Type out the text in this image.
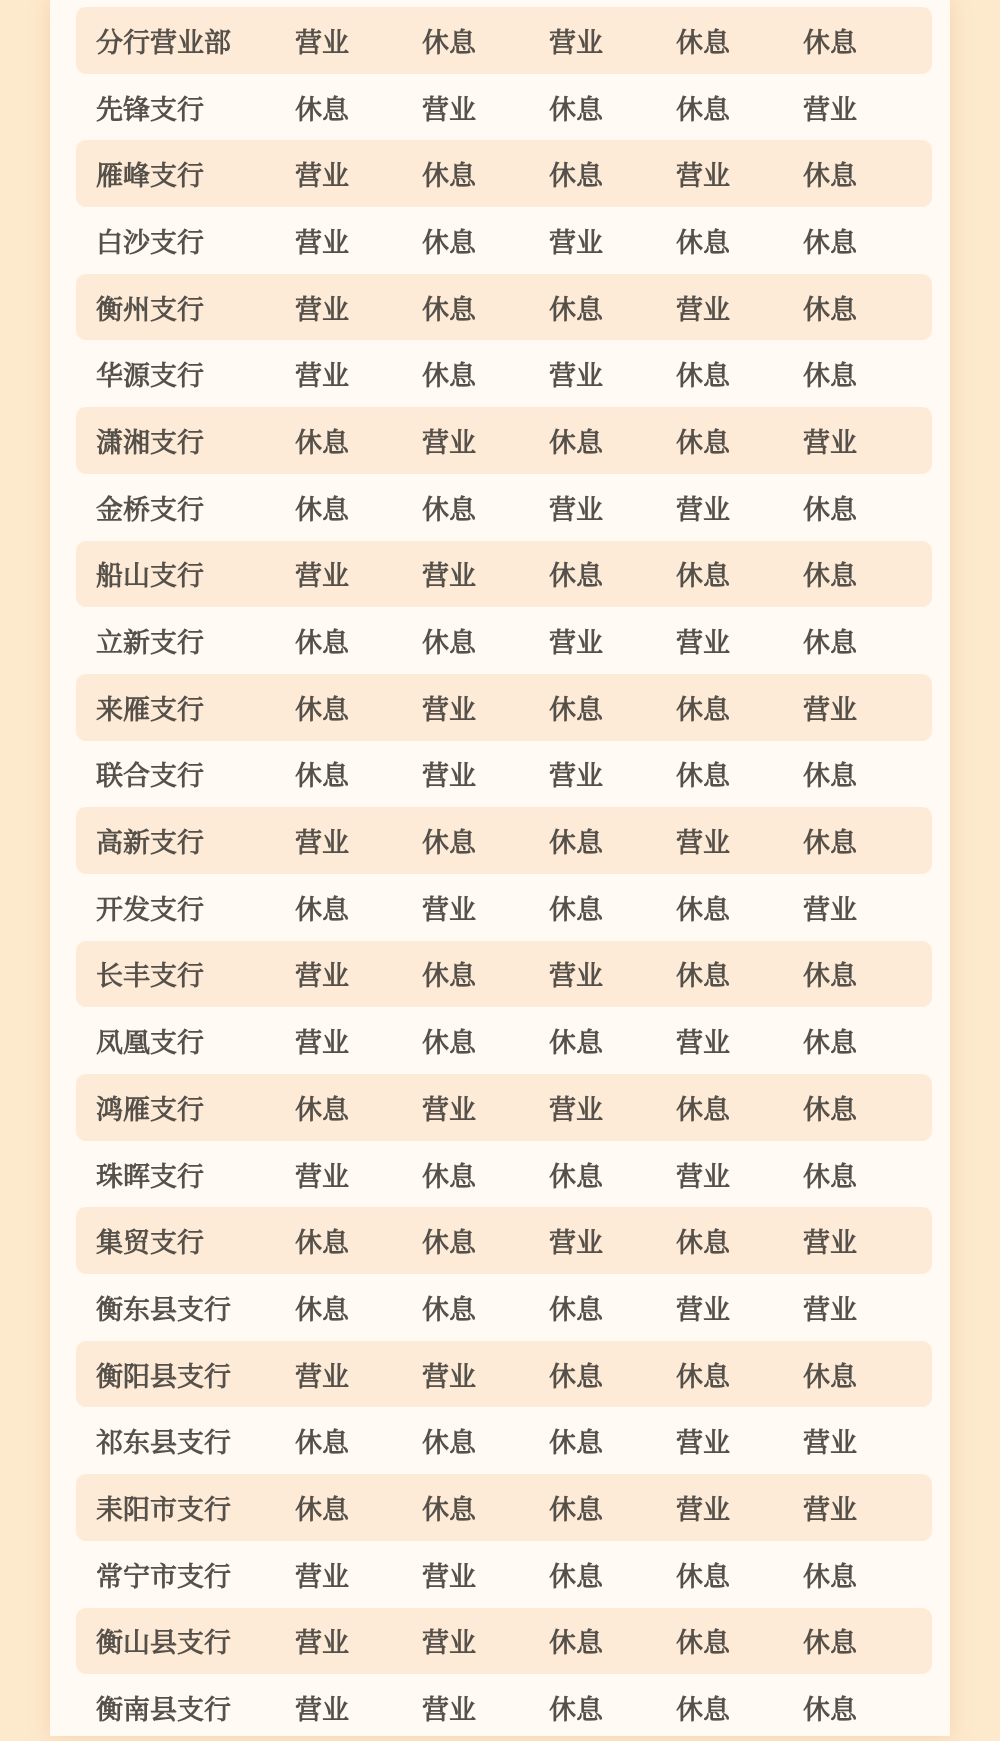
分行营业部	营业	休息	营业	休息	休息
先锋支行	休息	营业	休息	休息	营业
雁峰支行	营业	休息	休息	营业	休息
白沙支行	营业	休息	营业	休息	休息
衡州支行	营业	休息	休息	营业	休息
华源支行	营业	休息	营业	休息	休息
潇湘支行	休息	营业	休息	休息	营业
金桥支行	休息	休息	营业	营业	休息
船山支行	营业	营业	休息	休息	休息
立新支行	休息	休息	营业	营业	休息
来雁支行	休息	营业	休息	休息	营业
联合支行	休息	营业	营业	休息	休息
高新支行	营业	休息	休息	营业	休息
开发支行	休息	营业	休息	休息	营业
长丰支行	营业	休息	营业	休息	休息
凤凰支行	营业	休息	休息	营业	休息
鸿雁支行	休息	营业	营业	休息	休息
珠晖支行	营业	休息	休息	营业	休息
集贸支行	休息	休息	营业	休息	营业
衡东县支行	休息	休息	休息	营业	营业
衡阳县支行	营业	营业	休息	休息	休息
祁东县支行	休息	休息	休息	营业	营业
耒阳市支行	休息	休息	休息	营业	营业
常宁市支行	营业	营业	休息	休息	休息
衡山县支行	营业	营业	休息	休息	休息
衡南县支行	营业	营业	休息	休息	休息
